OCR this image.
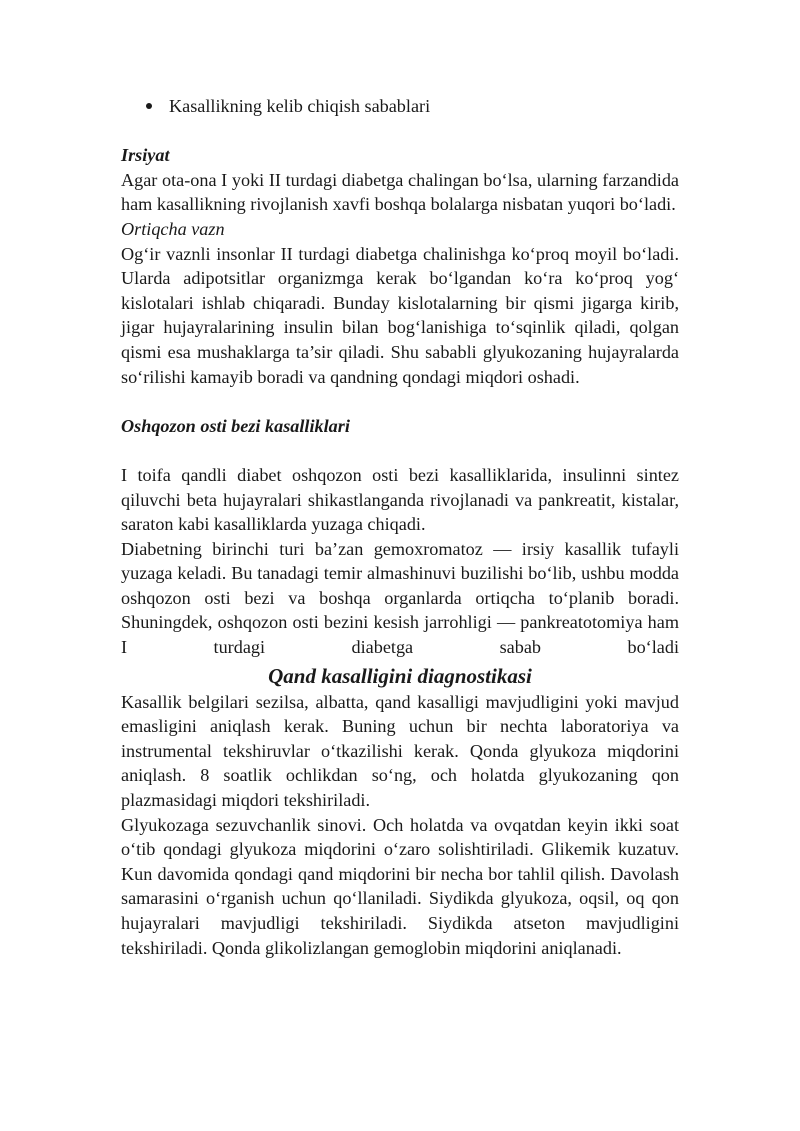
Kasallikning kelib chiqish sabablari

Irsiyat

Agar ota-ona I yoki II turdagi diabetga chalingan bo‘lsa, ularning farzandida ham kasallikning rivojlanish xavfi boshqa bolalarga nisbatan yuqori bo‘ladi.

Ortiqcha vazn

Og‘ir vaznli insonlar II turdagi diabetga chalinishga ko‘proq moyil bo‘ladi. Ularda adipotsitlar organizmga kerak bo‘lgandan ko‘ra ko‘proq yog‘ kislotalari ishlab chiqaradi. Bunday kislotalarning bir qismi jigarga kirib, jigar hujayralarining insulin bilan bog‘lanishiga to‘sqinlik qiladi, qolgan qismi esa mushaklarga ta’sir qiladi. Shu sababli glyukozaning hujayralarda so‘rilishi kamayib boradi va qandning qondagi miqdori oshadi.

Oshqozon osti bezi kasalliklari

I toifa qandli diabet oshqozon osti bezi kasalliklarida, insulinni sintez qiluvchi beta hujayralari shikastlanganda rivojlanadi va pankreatit, kistalar, saraton kabi kasalliklarda yuzaga chiqadi.

Diabetning birinchi turi ba’zan gemoxromatoz — irsiy kasallik tufayli yuzaga keladi. Bu tanadagi temir almashinuvi buzilishi bo‘lib, ushbu modda oshqozon osti bezi va boshqa organlarda ortiqcha to‘planib boradi. Shuningdek, oshqozon osti bezini kesish jarrohligi — pankreatotomiya ham I turdagi diabetga sabab bo‘ladi

Qand kasalligini diagnostikasi

Kasallik belgilari sezilsa, albatta, qand kasalligi mavjudligini yoki mavjud emasligini aniqlash kerak. Buning uchun bir nechta laboratoriya va instrumental tekshiruvlar o‘tkazilishi kerak. Qonda glyukoza miqdorini aniqlash. 8 soatlik ochlikdan so‘ng, och holatda glyukozaning qon plazmasidagi miqdori tekshiriladi.

Glyukozaga sezuvchanlik sinovi. Och holatda va ovqatdan keyin ikki soat o‘tib qondagi glyukoza miqdorini o‘zaro solishtiriladi. Glikemik kuzatuv. Kun davomida qondagi qand miqdorini bir necha bor tahlil qilish. Davolash samarasini o‘rganish uchun qo‘llaniladi. Siydikda glyukoza, oqsil, oq qon hujayralari mavjudligi tekshiriladi. Siydikda atseton mavjudligini tekshiriladi. Qonda glikolizlangan gemoglobin miqdorini aniqlanadi.
